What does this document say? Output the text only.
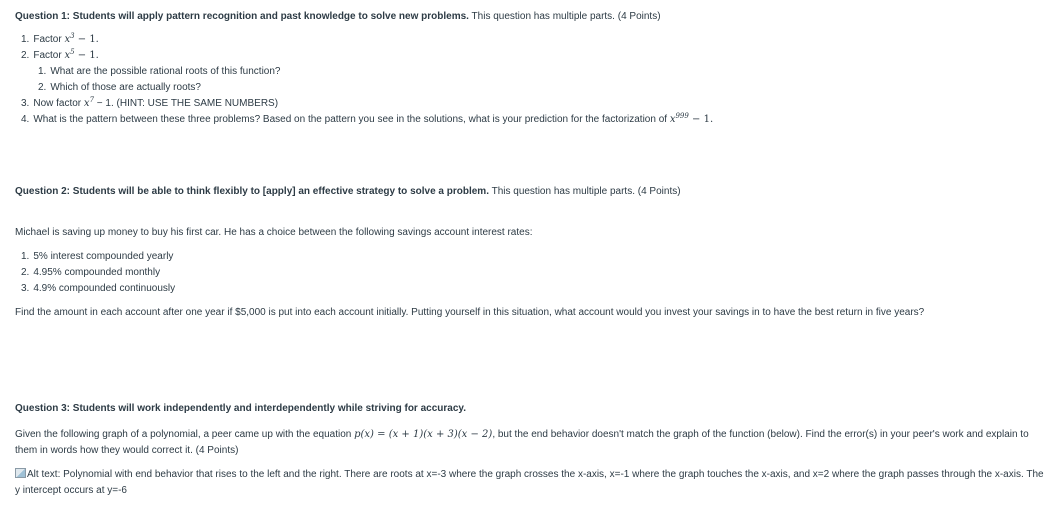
Question 1: Students will apply pattern recognition and past knowledge to solve new problems. This question has multiple parts. (4 Points)
1. Factor $x^3 - 1$.
2. Factor $x^5 - 1$.
1. What are the possible rational roots of this function?
2. Which of those are actually roots?
3. Now factor $x^7 - 1$. (HINT: USE THE SAME NUMBERS)
4. What is the pattern between these three problems? Based on the pattern you see in the solutions, what is your prediction for the factorization of $x^{999} - 1$.
Question 2: Students will be able to think flexibly to [apply] an effective strategy to solve a problem. This question has multiple parts. (4 Points)
Michael is saving up money to buy his first car. He has a choice between the following savings account interest rates:
1. 5% interest compounded yearly
2. 4.95% compounded monthly
3. 4.9% compounded continuously
Find the amount in each account after one year if $5,000 is put into each account initially. Putting yourself in this situation, what account would you invest your savings in to have the best return in five years?
Question 3: Students will work independently and interdependently while striving for accuracy.
Given the following graph of a polynomial, a peer came up with the equation p(x) = (x + 1)(x + 3)(x − 2), but the end behavior doesn't match the graph of the function (below). Find the error(s) in your peer's work and explain to them in words how they would correct it. (4 Points)
Alt text: Polynomial with end behavior that rises to the left and the right. There are roots at x=-3 where the graph crosses the x-axis, x=-1 where the graph touches the x-axis, and x=2 where the graph passes through the x-axis. The y intercept occurs at y=-6
